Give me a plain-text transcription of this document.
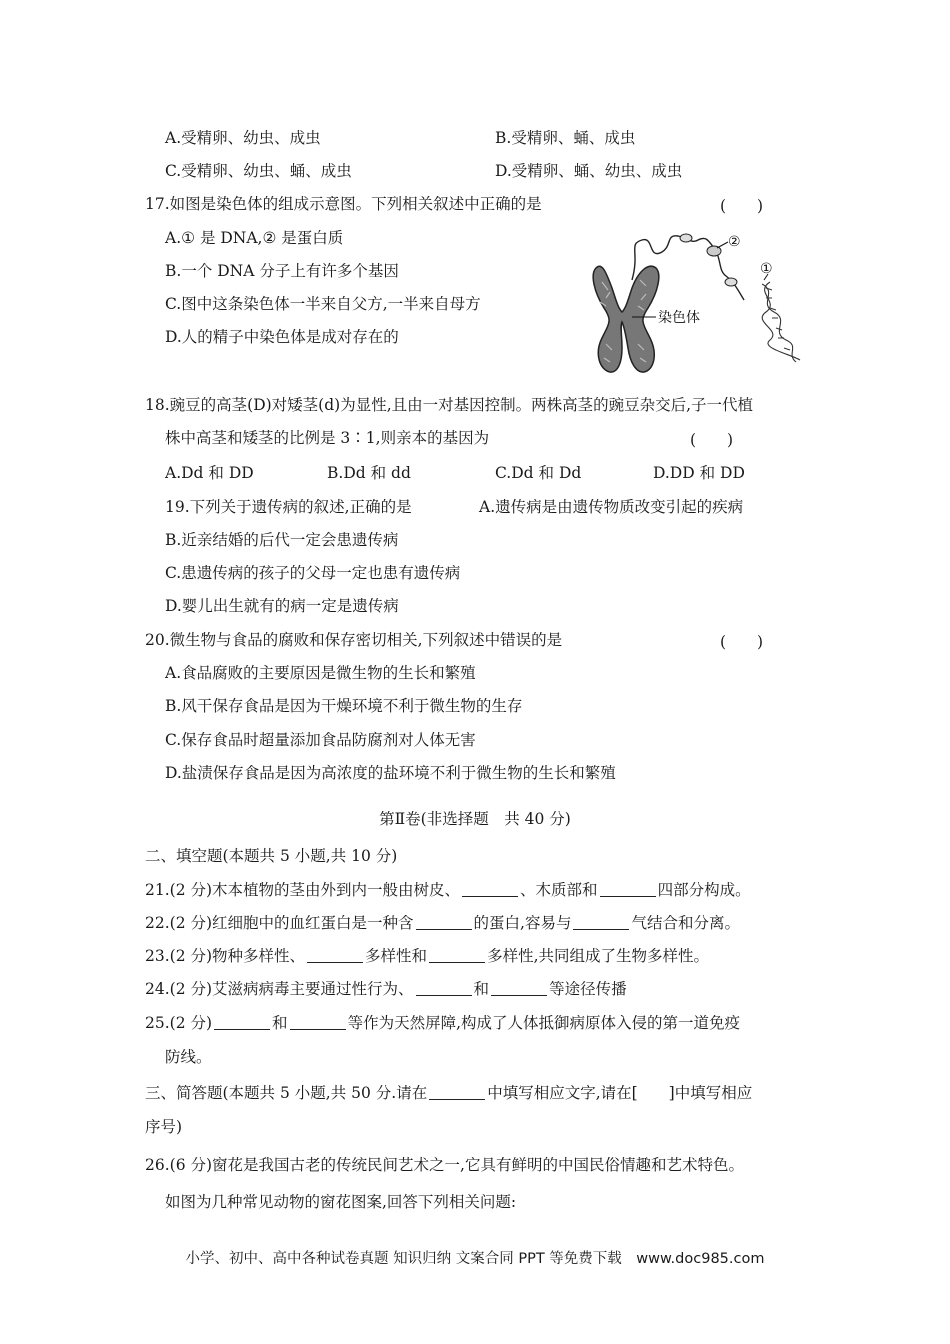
A.受精卵、幼虫、成虫	B.受精卵、蛹、成虫
C.受精卵、幼虫、蛹、成虫	D.受精卵、蛹、幼虫、成虫
17.如图是染色体的组成示意图。下列相关叙述中正确的是	(　　)
A.① 是 DNA,② 是蛋白质
B.一个 DNA 分子上有许多个基因
C.图中这条染色体一半来自父方,一半来自母方
D.人的精子中染色体是成对存在的
染色体
②
①
18.豌豆的高茎(D)对矮茎(d)为显性,且由一对基因控制。两株高茎的豌豆杂交后,子一代植
株中高茎和矮茎的比例是 3∶1,则亲本的基因为	(　　)
A.Dd 和 DD	B.Dd 和 dd	C.Dd 和 Dd	D.DD 和 DD
19.下列关于遗传病的叙述,正确的是	A.遗传病是由遗传物质改变引起的疾病
B.近亲结婚的后代一定会患遗传病
C.患遗传病的孩子的父母一定也患有遗传病
D.婴儿出生就有的病一定是遗传病
20.微生物与食品的腐败和保存密切相关,下列叙述中错误的是	(　　)
A.食品腐败的主要原因是微生物的生长和繁殖
B.风干保存食品是因为干燥环境不利于微生物的生存
C.保存食品时超量添加食品防腐剂对人体无害
D.盐渍保存食品是因为高浓度的盐环境不利于微生物的生长和繁殖
第Ⅱ卷(非选择题　共 40 分)
二、填空题(本题共 5 小题,共 10 分)
21.(2 分)木本植物的茎由外到内一般由树皮、	、木质部和	四部分构成。
22.(2 分)红细胞中的血红蛋白是一种含	的蛋白,容易与	气结合和分离。
23.(2 分)物种多样性、	多样性和	多样性,共同组成了生物多样性。
24.(2 分)艾滋病病毒主要通过性行为、	和	等途径传播
25.(2 分)	和	等作为天然屏障,构成了人体抵御病原体入侵的第一道免疫
防线。
三、简答题(本题共 5 小题,共 50 分.请在	中填写相应文字,请在[　　]中填写相应
序号)
26.(6 分)窗花是我国古老的传统民间艺术之一,它具有鲜明的中国民俗情趣和艺术特色。
如图为几种常见动物的窗花图案,回答下列相关问题:
小学、初中、高中各种试卷真题 知识归纳 文案合同 PPT 等免费下载　www.doc985.com
